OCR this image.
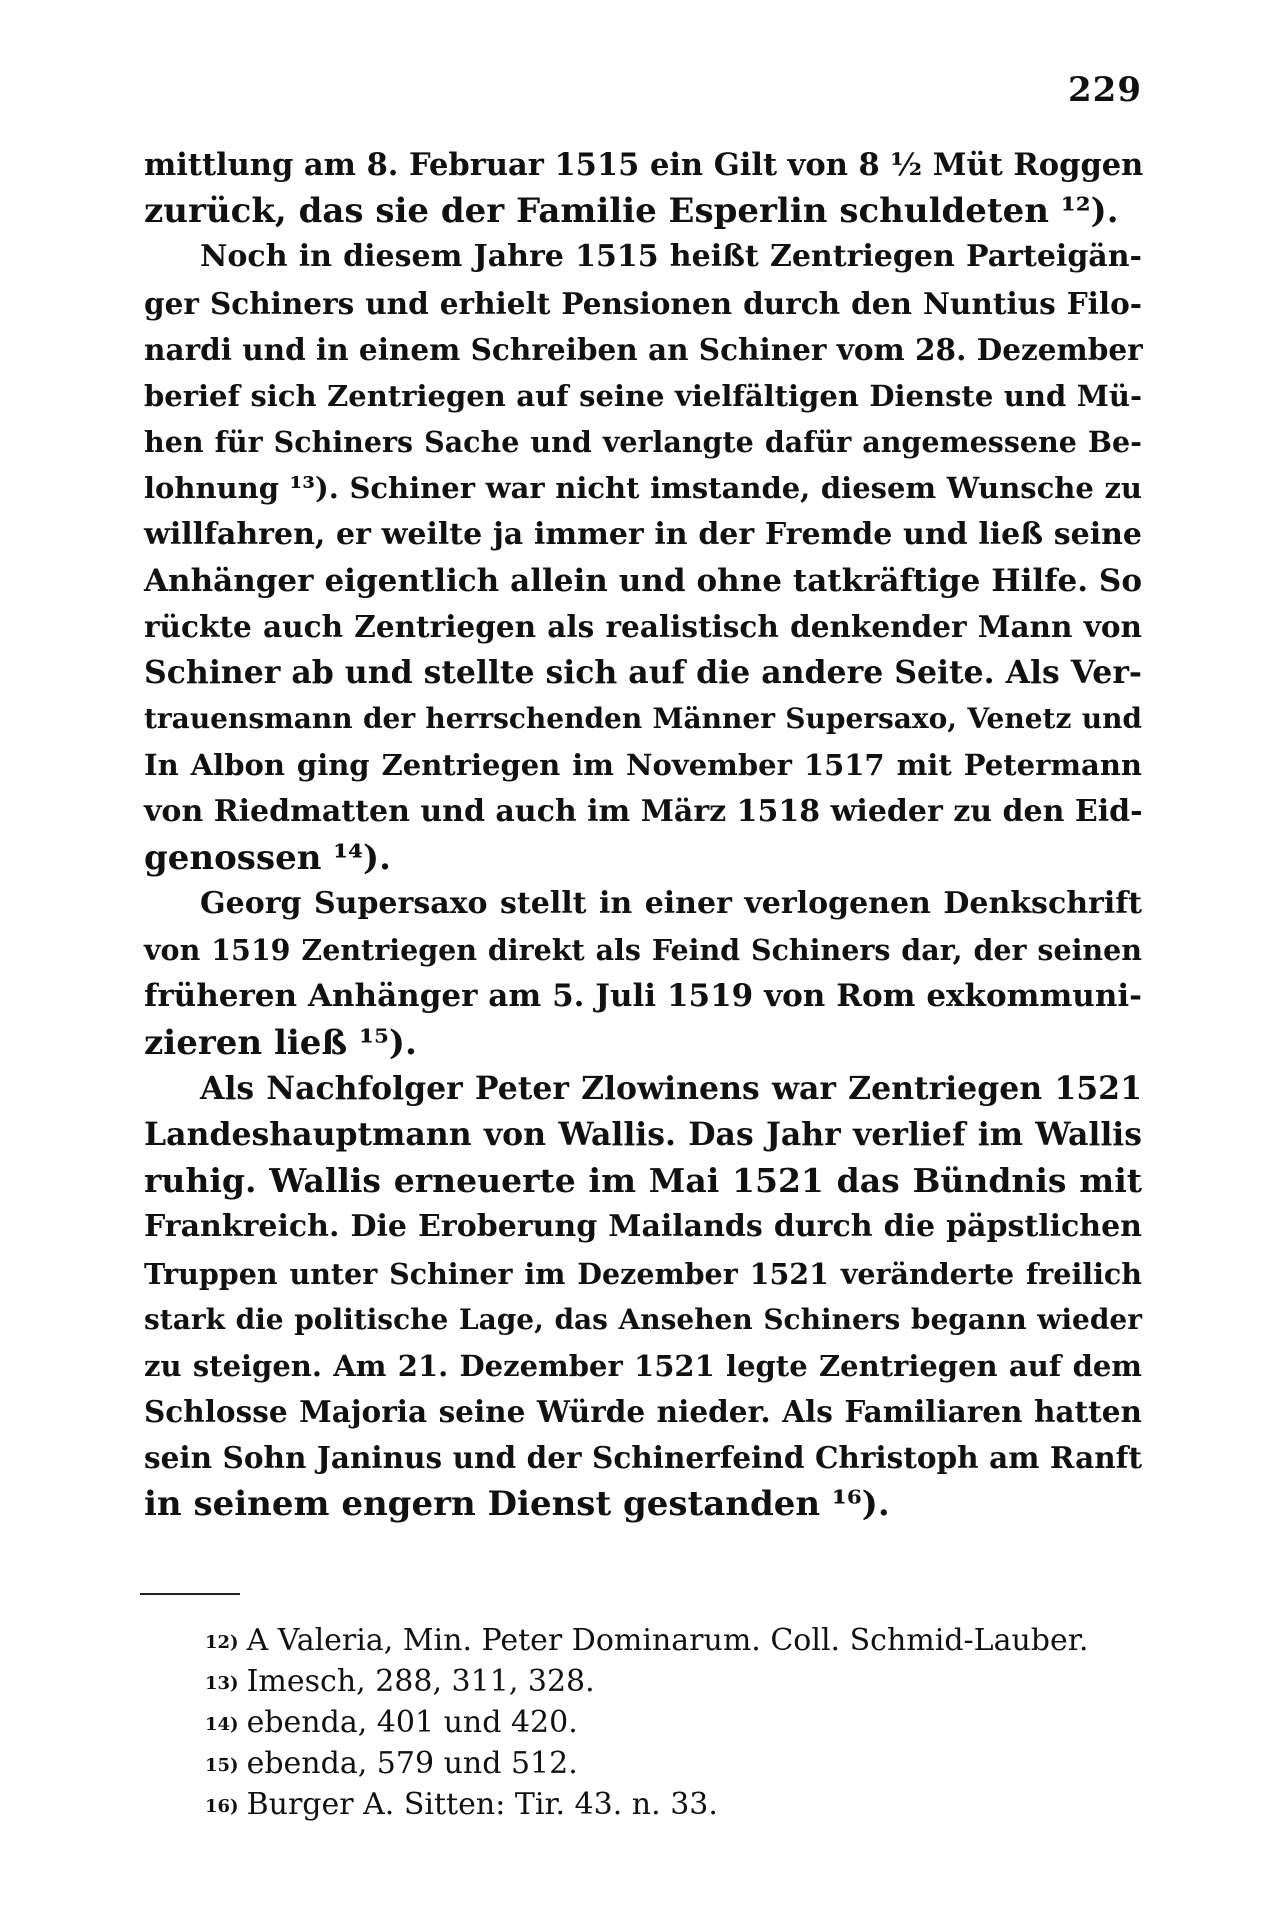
229
mittlung am 8. Februar 1515 ein Gilt von 8 ½ Müt Roggen
zurück, das sie der Familie Esperlin schuldeten ¹²).
Noch in diesem Jahre 1515 heißt Zentriegen Parteigän-
ger Schiners und erhielt Pensionen durch den Nuntius Filo-
nardi und in einem Schreiben an Schiner vom 28. Dezember
berief sich Zentriegen auf seine vielfältigen Dienste und Mü-
hen für Schiners Sache und verlangte dafür angemessene Be-
lohnung ¹³). Schiner war nicht imstande, diesem Wunsche zu
willfahren, er weilte ja immer in der Fremde und ließ seine
Anhänger eigentlich allein und ohne tatkräftige Hilfe. So
rückte auch Zentriegen als realistisch denkender Mann von
Schiner ab und stellte sich auf die andere Seite. Als Ver-
trauensmann der herrschenden Männer Supersaxo, Venetz und
In Albon ging Zentriegen im November 1517 mit Petermann
von Riedmatten und auch im März 1518 wieder zu den Eid-
genossen ¹⁴).
Georg Supersaxo stellt in einer verlogenen Denkschrift
von 1519 Zentriegen direkt als Feind Schiners dar, der seinen
früheren Anhänger am 5. Juli 1519 von Rom exkommuni-
zieren ließ ¹⁵).
Als Nachfolger Peter Zlowinens war Zentriegen 1521
Landeshauptmann von Wallis. Das Jahr verlief im Wallis
ruhig. Wallis erneuerte im Mai 1521 das Bündnis mit
Frankreich. Die Eroberung Mailands durch die päpstlichen
Truppen unter Schiner im Dezember 1521 veränderte freilich
stark die politische Lage, das Ansehen Schiners begann wieder
zu steigen. Am 21. Dezember 1521 legte Zentriegen auf dem
Schlosse Majoria seine Würde nieder. Als Familiaren hatten
sein Sohn Janinus und der Schinerfeind Christoph am Ranft
in seinem engern Dienst gestanden ¹⁶).
$^{12)}$ A Valeria, Min. Peter Dominarum. Coll. Schmid-Lauber.
$^{13)}$ Imesch, 288, 311, 328.
$^{14)}$ ebenda, 401 und 420.
$^{15)}$ ebenda, 579 und 512.
$^{16)}$ Burger A. Sitten: Tir. 43. n. 33.
